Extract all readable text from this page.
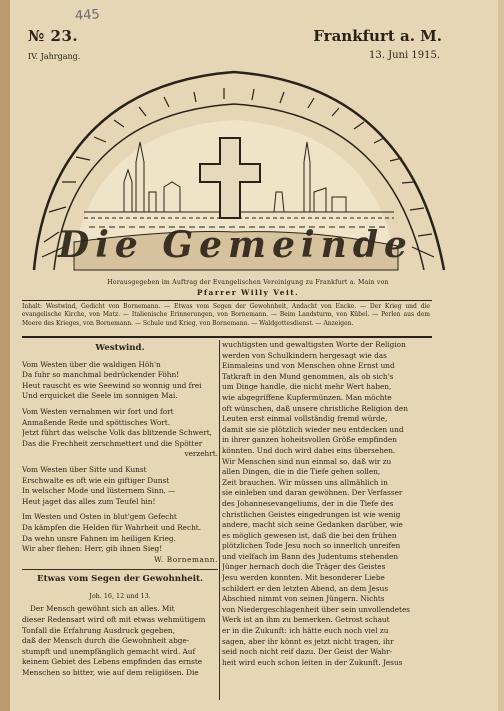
445
№ 23.
IV. Jahrgang.
Frankfurt a. M.
13. Juni 1915.
Die Gemeinde
Herausgegeben im Auftrag der Evangelischen Vereinigung zu Frankfurt a. Main von
Pfarrer Willy Veit.
Inhalt: Westwind, Gedicht von Bornemann. — Etwas vom Segen der Gewohnheit, Andacht von Encke. — Der Krieg und die evangelische Kirche, von Matz. — Italienische Erinnerungen, von Bornemann. — Beim Landsturm, von Kübel. — Perlen aus dem Meere des Krieges, von Bornemann. — Schule und Krieg, von Bornemann. — Waldgottesdienst. — Anzeigen.
Westwind.
Vom Westen über die waldigen Höh'n
Da fuhr so manchmal bedrückender Föhn!
Heut rauscht es wie Seewind so wonnig und frei
Und erquicket die Seele im sonnigen Mai.
Vom Westen vernahmen wir fort und fort
Anmaßende Rede und spöttisches Wort.
Jetzt führt das welsche Volk das blitzende Schwert,
Das die Frechheit zerschmettert und die Spötter
verzehrt.
Vom Westen über Sitte und Kunst
Erschwalte es oft wie ein giftiger Dunst
In welscher Mode und lüsternem Sinn, —
Heut jaget das alles zum Teufel hin!
Im Westen und Osten in blut'gem Gefecht
Da kämpfen die Helden für Wahrheit und Recht.
Da wehn unsre Fahnen im heiligen Krieg.
Wir aber flehen: Herr, gib ihnen Sieg!
W. Bornemann.
Etwas vom Segen der Gewohnheit.
Joh. 16, 12 und 13.
Der Mensch gewöhnt sich an alles. Mit
dieser Redensart wird oft mit etwas wehmütigem
Tonfall die Erfahrung Ausdruck gegeben,
daß der Mensch durch die Gewohnheit abge-
stumpft und unempfänglich gemacht wird. Auf
keinem Gebiet des Lebens empfinden das ernste
Menschen so bitter, wie auf dem religiösen. Die
wuchtigsten und gewaltigsten Worte der Religion
werden von Schulkindern hergesagt wie das
Einmaleins und von Menschen ohne Ernst und
Tatkraft in den Mund genommen, als ob sich's
um Dinge handle, die nicht mehr Wert haben,
wie abgegriffene Kupfermünzen. Man möchte
oft wünschen, daß unsere christliche Religion den
Leuten erst einmal vollständig fremd würde,
damit sie sie plötzlich wieder neu entdecken und
in ihrer ganzen hoheitsvollen Größe empfinden
könnten. Und doch wird dabei eins übersehen.
Wir Menschen sind nun einmal so, daß wir zu
allen Dingen, die in die Tiefe gehen sollen,
Zeit brauchen. Wir müssen uns allmählich in
sie einleben und daran gewöhnen. Der Verfasser
des Johannesevangeliums, der in die Tiefe des
christlichen Geistes eingedrungen ist wie wenig
andere, macht sich seine Gedanken darüber, wie
es möglich gewesen ist, daß die bei den frühen
plötzlichen Tode Jesu noch so innerlich unreifen
und vielfach im Bann des Judentums stehenden
Jünger hernach doch die Träger des Geistes
Jesu werden konnten. Mit besonderer Liebe
schildert er den letzten Abend, an dem Jesus
Abschied nimmt von seinen Jüngern. Nichts
von Niedergeschlagenheit über sein unvollendetes
Werk ist an ihm zu bemerken. Getrost schaut
er in die Zukunft: ich hätte euch noch viel zu
sagen, aber ihr könnt es jetzt nicht tragen, ihr
seid noch nicht reif dazu. Der Geist der Wahr-
heit wird euch schon leiten in der Zukunft. Jesus
